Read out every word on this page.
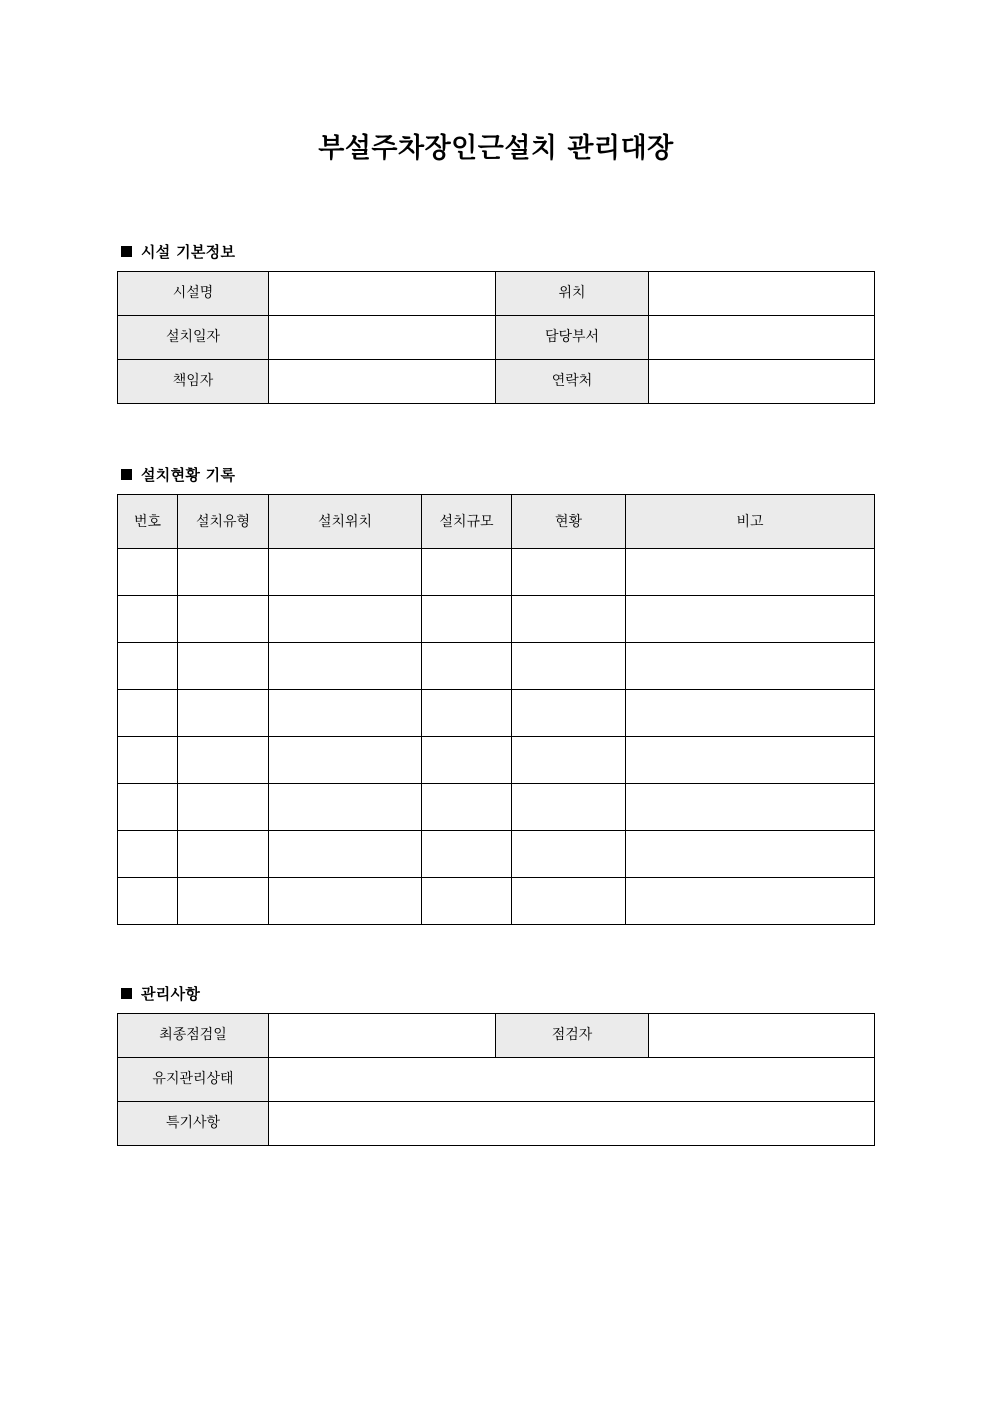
부설주차장인근설치 관리대장
시설 기본정보
시설명		위치	
설치일자		담당부서	
책임자		연락처	
설치현황 기록
번호	설치유형	설치위치	설치규모	현황	비고

관리사항
최종점검일		점검자	
유지관리상태			
특기사항			
